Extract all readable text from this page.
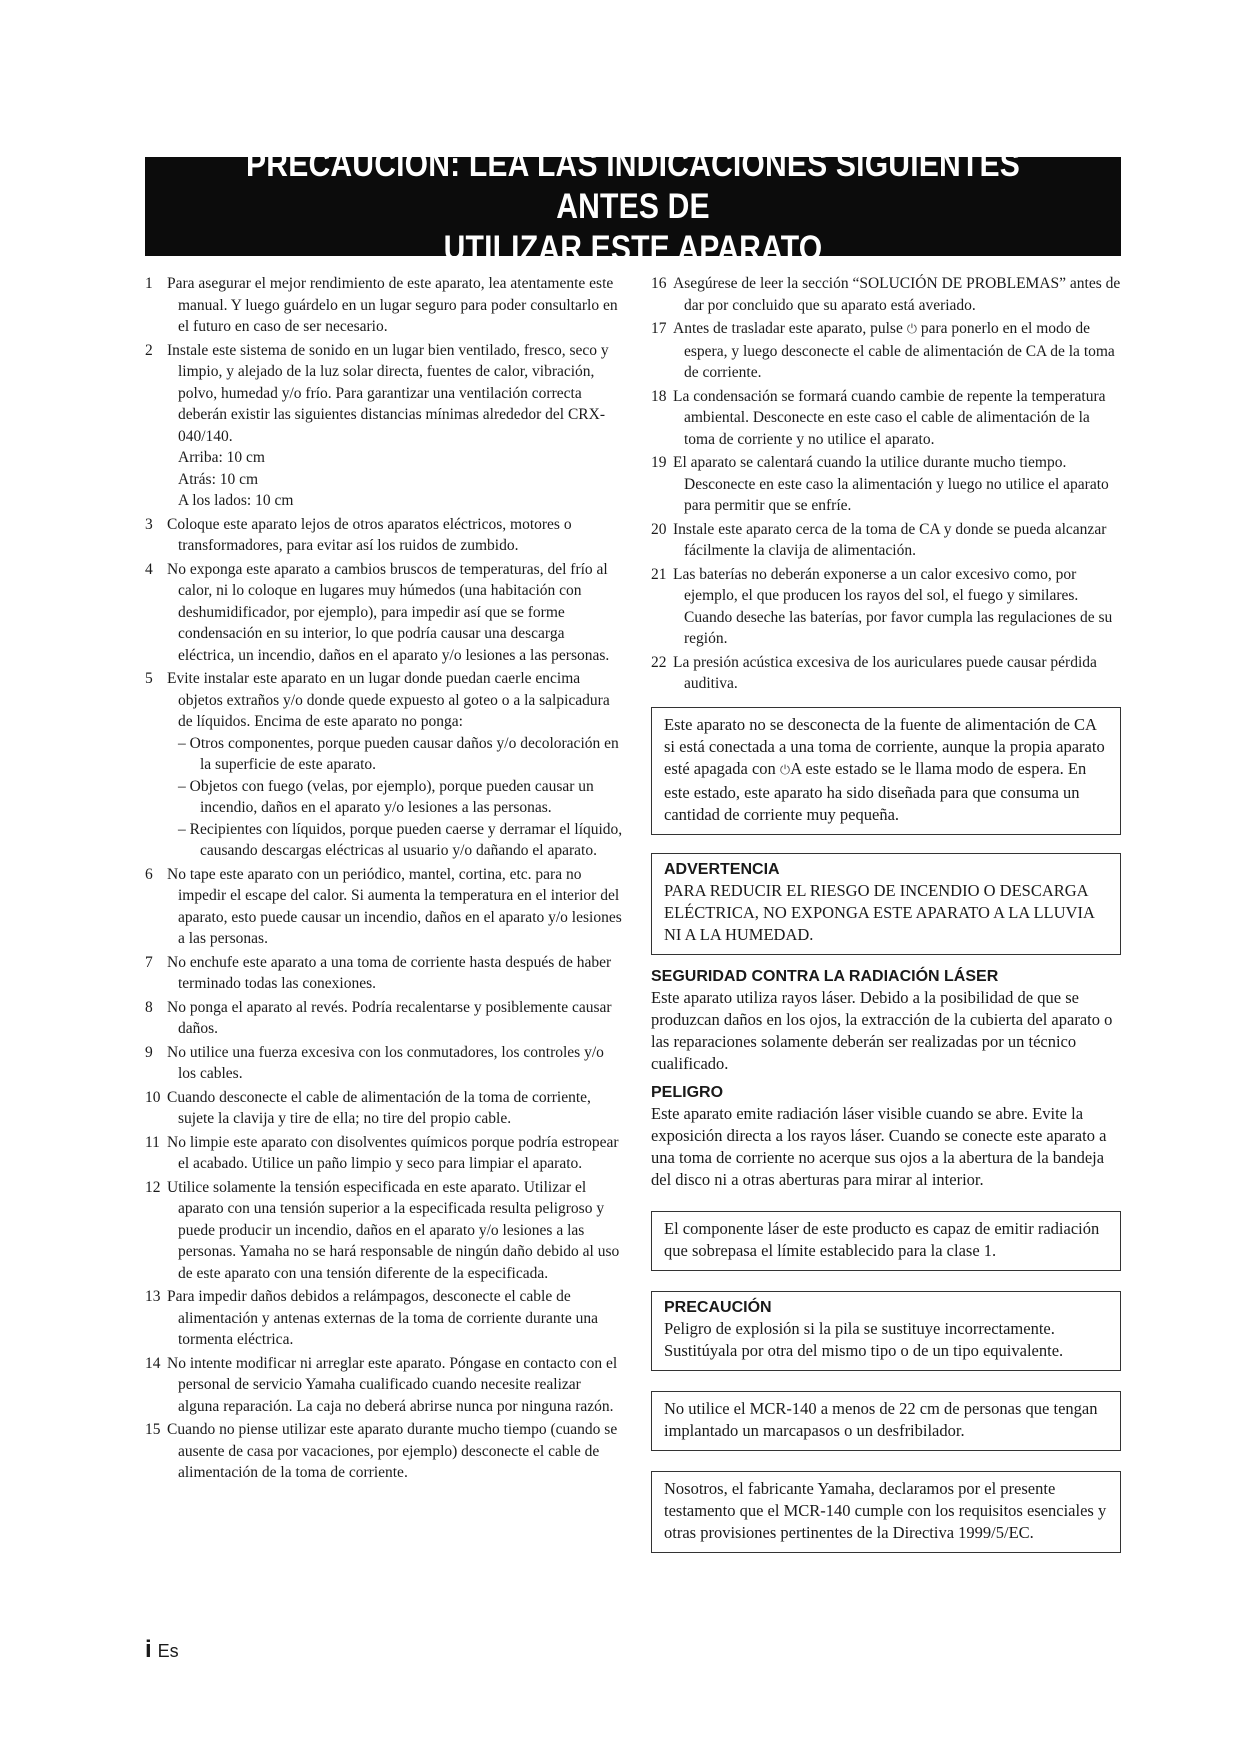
PRECAUCIÓN: LEA LAS INDICACIONES SIGUIENTES ANTES DE
UTILIZAR ESTE APARATO
1 Para asegurar el mejor rendimiento de este aparato, lea atentamente este manual. Y luego guárdelo en un lugar seguro para poder consultarlo en el futuro en caso de ser necesario.
2 Instale este sistema de sonido en un lugar bien ventilado, fresco, seco y limpio, y alejado de la luz solar directa, fuentes de calor, vibración, polvo, humedad y/o frío. Para garantizar una ventilación correcta deberán existir las siguientes distancias mínimas alrededor del CRX-040/140.

Arriba: 10 cm

Atrás: 10 cm

A los lados: 10 cm

3 Coloque este aparato lejos de otros aparatos eléctricos, motores o transformadores, para evitar así los ruidos de zumbido.
4 No exponga este aparato a cambios bruscos de temperaturas, del frío al calor, ni lo coloque en lugares muy húmedos (una habitación con deshumidificador, por ejemplo), para impedir así que se forme condensación en su interior, lo que podría causar una descarga eléctrica, un incendio, daños en el aparato y/o lesiones a las personas.
5 Evite instalar este aparato en un lugar donde puedan caerle encima objetos extraños y/o donde quede expuesto al goteo o a la salpicadura de líquidos. Encima de este aparato no ponga:

– Otros componentes, porque pueden causar daños y/o decoloración en la superficie de este aparato.

– Objetos con fuego (velas, por ejemplo), porque pueden causar un incendio, daños en el aparato y/o lesiones a las personas.

– Recipientes con líquidos, porque pueden caerse y derramar el líquido, causando descargas eléctricas al usuario y/o dañando el aparato.

6 No tape este aparato con un periódico, mantel, cortina, etc. para no impedir el escape del calor. Si aumenta la temperatura en el interior del aparato, esto puede causar un incendio, daños en el aparato y/o lesiones a las personas.
7 No enchufe este aparato a una toma de corriente hasta después de haber terminado todas las conexiones.
8 No ponga el aparato al revés. Podría recalentarse y posiblemente causar daños.
9 No utilice una fuerza excesiva con los conmutadores, los controles y/o los cables.
10 Cuando desconecte el cable de alimentación de la toma de corriente, sujete la clavija y tire de ella; no tire del propio cable.
11 No limpie este aparato con disolventes químicos porque podría estropear el acabado. Utilice un paño limpio y seco para limpiar el aparato.
12 Utilice solamente la tensión especificada en este aparato. Utilizar el aparato con una tensión superior a la especificada resulta peligroso y puede producir un incendio, daños en el aparato y/o lesiones a las personas. Yamaha no se hará responsable de ningún daño debido al uso de este aparato con una tensión diferente de la especificada.
13 Para impedir daños debidos a relámpagos, desconecte el cable de alimentación y antenas externas de la toma de corriente durante una tormenta eléctrica.
14 No intente modificar ni arreglar este aparato. Póngase en contacto con el personal de servicio Yamaha cualificado cuando necesite realizar alguna reparación. La caja no deberá abrirse nunca por ninguna razón.
15 Cuando no piense utilizar este aparato durante mucho tiempo (cuando se ausente de casa por vacaciones, por ejemplo) desconecte el cable de alimentación de la toma de corriente.
16 Asegúrese de leer la sección “SOLUCIÓN DE PROBLEMAS” antes de dar por concluido que su aparato está averiado.
17 Antes de trasladar este aparato, pulse ⏻ para ponerlo en el modo de espera, y luego desconecte el cable de alimentación de CA de la toma de corriente.
18 La condensación se formará cuando cambie de repente la temperatura ambiental. Desconecte en este caso el cable de alimentación de la toma de corriente y no utilice el aparato.
19 El aparato se calentará cuando la utilice durante mucho tiempo. Desconecte en este caso la alimentación y luego no utilice el aparato para permitir que se enfríe.
20 Instale este aparato cerca de la toma de CA y donde se pueda alcanzar fácilmente la clavija de alimentación.
21 Las baterías no deberán exponerse a un calor excesivo como, por ejemplo, el que producen los rayos del sol, el fuego y similares. Cuando deseche las baterías, por favor cumpla las regulaciones de su región.
22 La presión acústica excesiva de los auriculares puede causar pérdida auditiva.
Este aparato no se desconecta de la fuente de alimentación de CA si está conectada a una toma de corriente, aunque la propia aparato esté apagada con ⏻A este estado se le llama modo de espera. En este estado, este aparato ha sido diseñada para que consuma un cantidad de corriente muy pequeña.
ADVERTENCIA
PARA REDUCIR EL RIESGO DE INCENDIO O DESCARGA ELÉCTRICA, NO EXPONGA ESTE APARATO A LA LLUVIA NI A LA HUMEDAD.
SEGURIDAD CONTRA LA RADIACIÓN LÁSER

Este aparato utiliza rayos láser. Debido a la posibilidad de que se produzcan daños en los ojos, la extracción de la cubierta del aparato o las reparaciones solamente deberán ser realizadas por un técnico cualificado.

PELIGRO

Este aparato emite radiación láser visible cuando se abre. Evite la exposición directa a los rayos láser. Cuando se conecte este aparato a una toma de corriente no acerque sus ojos a la abertura de la bandeja del disco ni a otras aberturas para mirar al interior.

El componente láser de este producto es capaz de emitir radiación que sobrepasa el límite establecido para la clase 1.
PRECAUCIÓN
Peligro de explosión si la pila se sustituye incorrectamente. Sustitúyala por otra del mismo tipo o de un tipo equivalente.
No utilice el MCR-140 a menos de 22 cm de personas que tengan implantado un marcapasos o un desfribilador.
Nosotros, el fabricante Yamaha, declaramos por el presente testamento que el MCR-140 cumple con los requisitos esenciales y otras provisiones pertinentes de la Directiva 1999/5/EC.
i Es
